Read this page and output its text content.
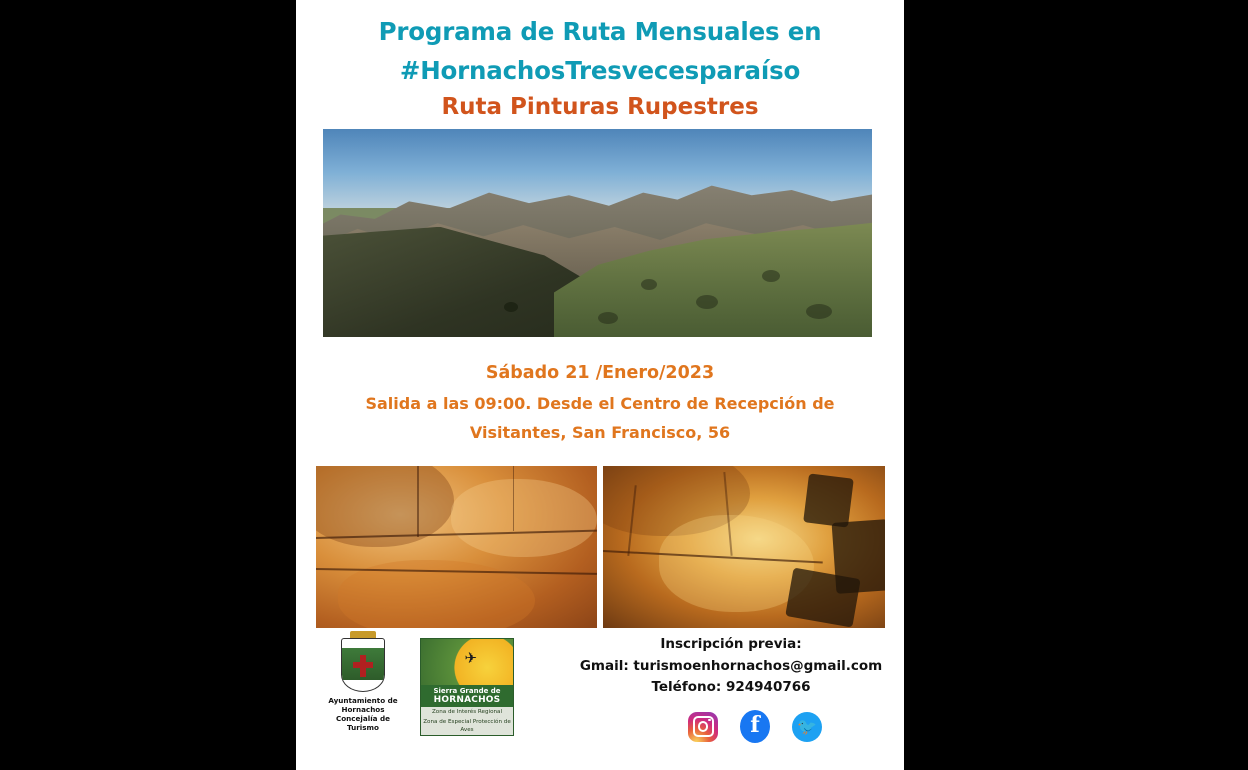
Programa de Ruta Mensuales en
#HornachosTresvecesparaíso
Ruta Pinturas Rupestres
Sábado 21 /Enero/2023
Salida a las 09:00. Desde el Centro de Recepción de Visitantes, San Francisco, 56
Ayuntamiento de
Hornachos
Concejalía de Turismo
✈
Sierra Grande de
HORNACHOS
Zona de Interés Regional
Zona de Especial Protección de Aves
Inscripción previa:
Gmail: turismoenhornachos@gmail.com
Teléfono: 924940766
f	🐦
